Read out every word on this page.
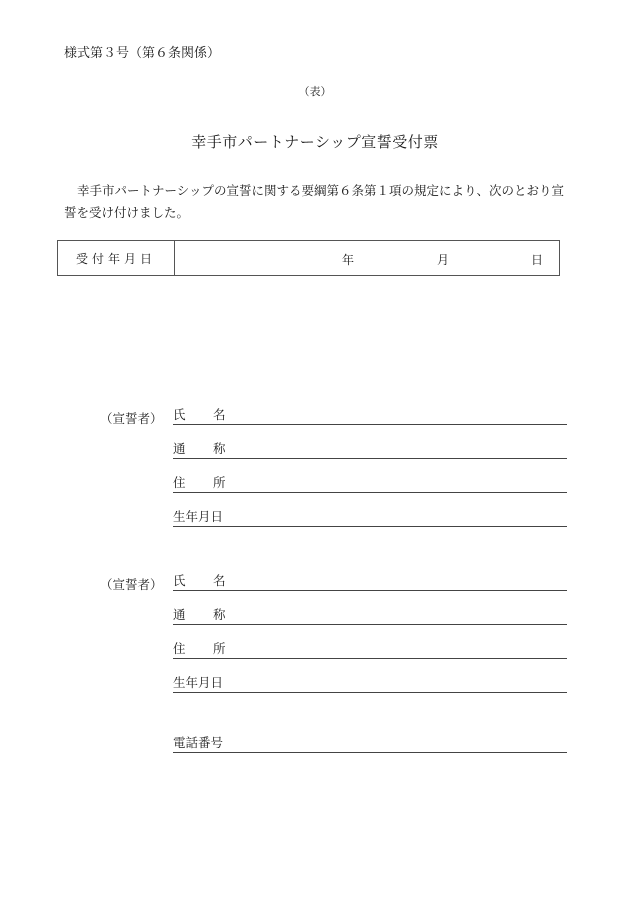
様式第３号（第６条関係）
（表）
幸手市パートナーシップ宣誓受付票
幸手市パートナーシップの宣誓に関する要綱第６条第１項の規定により、次のとおり宣誓を受け付けました。
受付年月日	年	月	日
（宣誓者） 氏 名
通 称
住 所
生年月日
（宣誓者） 氏 名
通 称
住 所
生年月日
電話番号
